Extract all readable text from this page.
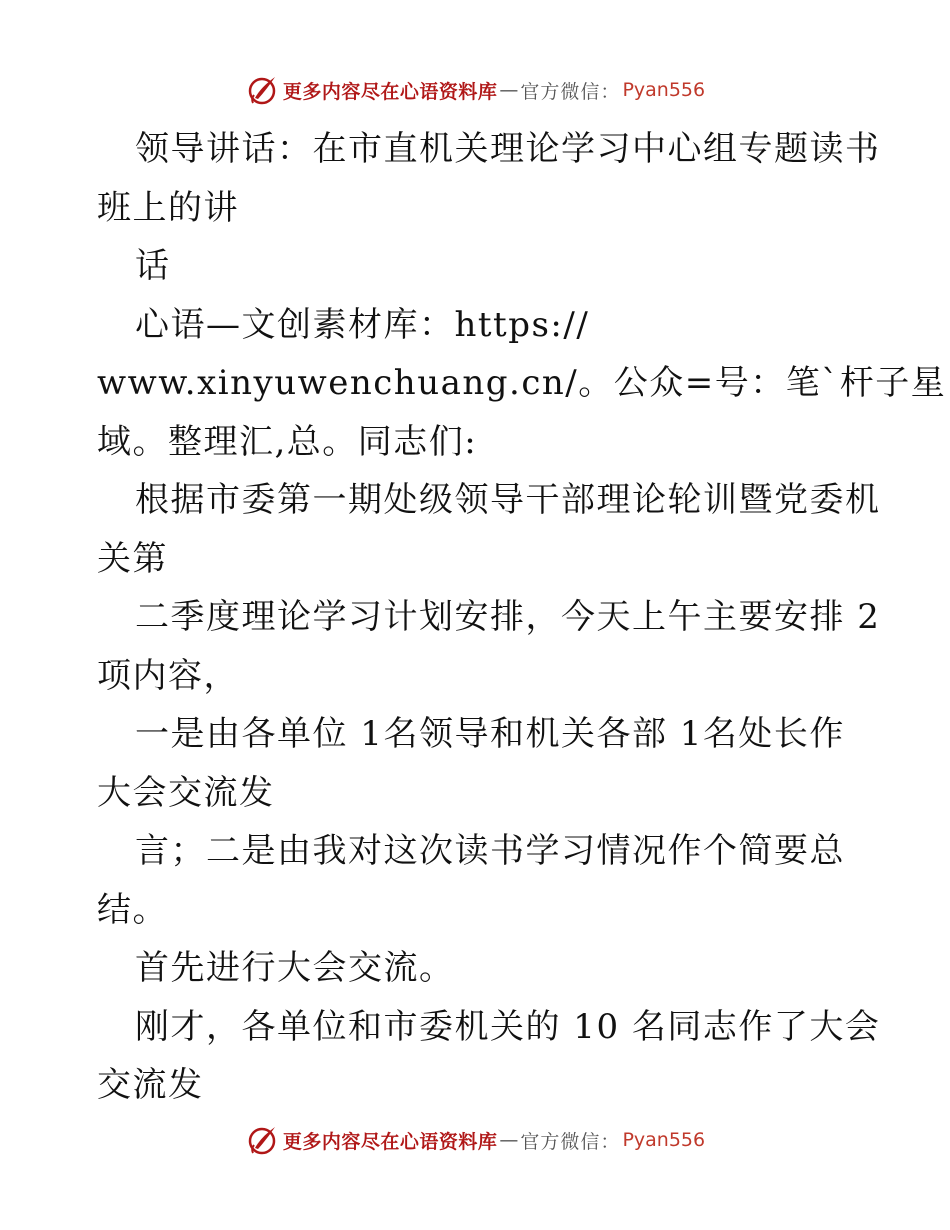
更多内容尽在心语资料库 — 官方微信： Pyan556
领导讲话：在市直机关理论学习中心组专题读书
班上的讲
话
心语—文创素材库：https://
www.xinyuwenchuang.cn/。公众=号：笔`杆子星
域。整理汇,总。同志们:
根据市委第一期处级领导干部理论轮训暨党委机
关第
二季度理论学习计划安排，今天上午主要安排 2
项内容，
一是由各单位 1名领导和机关各部 1名处长作
大会交流发
言；二是由我对这次读书学习情况作个简要总
结。
首先进行大会交流。
刚才，各单位和市委机关的 10 名同志作了大会
交流发
更多内容尽在心语资料库 — 官方微信： Pyan556
